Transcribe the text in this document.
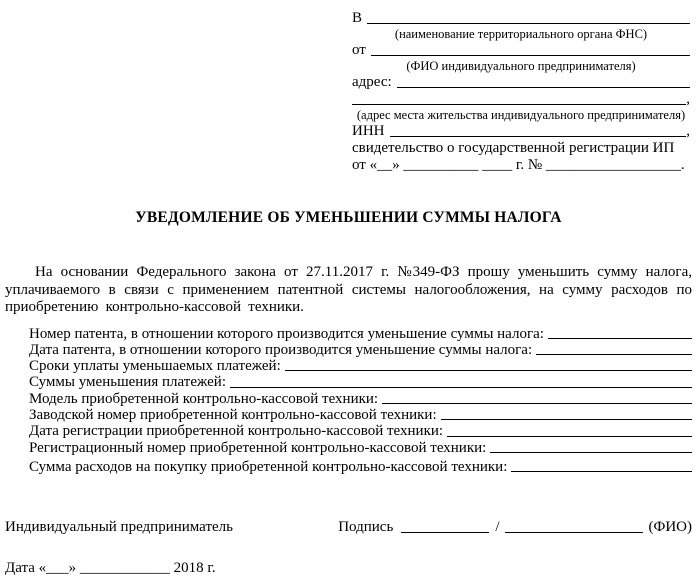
В
(наименование территориального органа ФНС)
от
(ФИО индивидуального предпринимателя)
адрес:
,
(адрес места жительства индивидуального предпринимателя)
ИНН	,
свидетельство о государственной регистрации ИП
от «__» __________ ____ г. № __________________.
УВЕДОМЛЕНИЕ ОБ УМЕНЬШЕНИИ СУММЫ НАЛОГА
На основании Федерального закона от 27.11.2017 г. №349-ФЗ прошу уменьшить сумму налога, уплачиваемого в связи с применением патентной системы налогообложения, на сумму расходов по приобретению контрольно-кассовой техники.
Номер патента, в отношении которого производится уменьшение суммы налога:
Дата патента, в отношении которого производится уменьшение суммы налога:
Сроки уплаты уменьшаемых платежей:
Суммы уменьшения платежей:
Модель приобретенной контрольно-кассовой техники:
Заводской номер приобретенной контрольно-кассовой техники:
Дата регистрации приобретенной контрольно-кассовой техники:
Регистрационный номер приобретенной контрольно-кассовой техники:
Сумма расходов на покупку приобретенной контрольно-кассовой техники:
Индивидуальный предприниматель	Подпись	/	(ФИО)
Дата «___» ____________ 2018 г.
